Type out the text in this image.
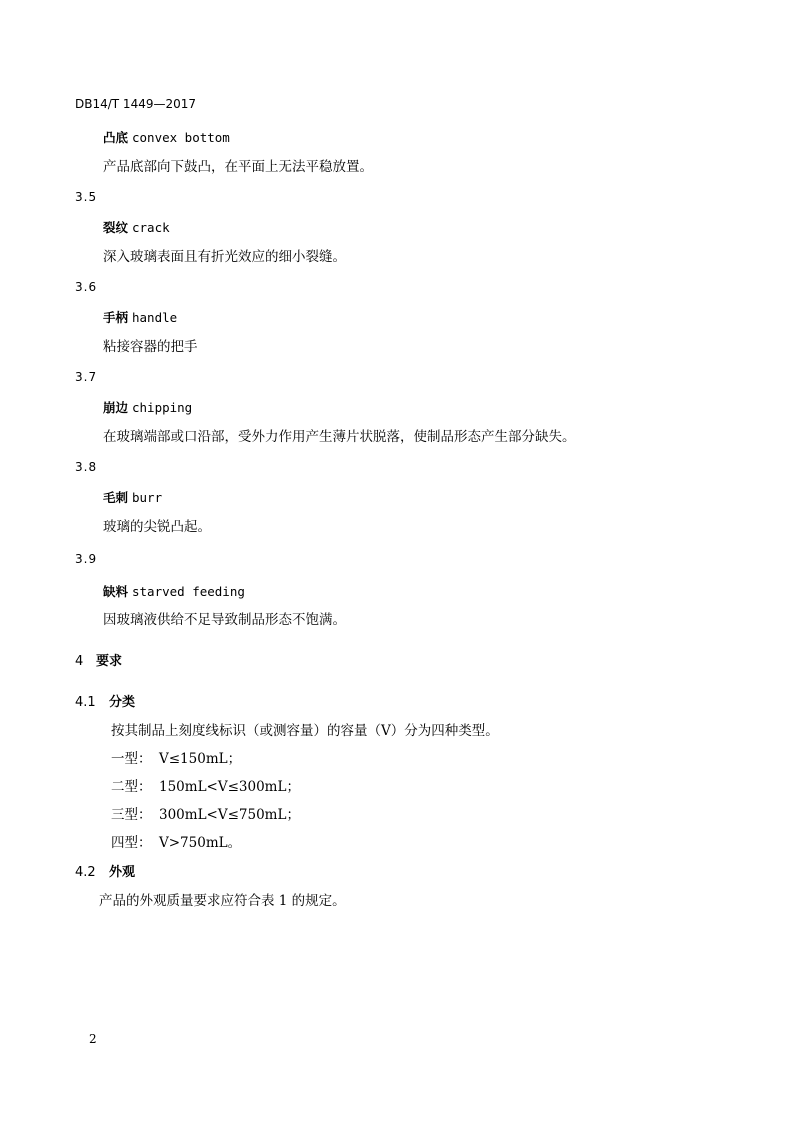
DB14/T 1449—2017
凸底 convex bottom
产品底部向下鼓凸，在平面上无法平稳放置。
3.5
裂纹 crack
深入玻璃表面且有折光效应的细小裂缝。
3.6
手柄 handle
粘接容器的把手
3.7
崩边 chipping
在玻璃端部或口沿部，受外力作用产生薄片状脱落，使制品形态产生部分缺失。
3.8
毛刺 burr
玻璃的尖锐凸起。
3.9
缺料 starved feeding
因玻璃液供给不足导致制品形态不饱满。
4 要求
4.1 分类
按其制品上刻度线标识（或测容量）的容量（V）分为四种类型。
一型： V≤150mL；
二型： 150mL<V≤300mL；
三型： 300mL<V≤750mL；
四型： V>750mL。
4.2 外观
产品的外观质量要求应符合表 1 的规定。
2
